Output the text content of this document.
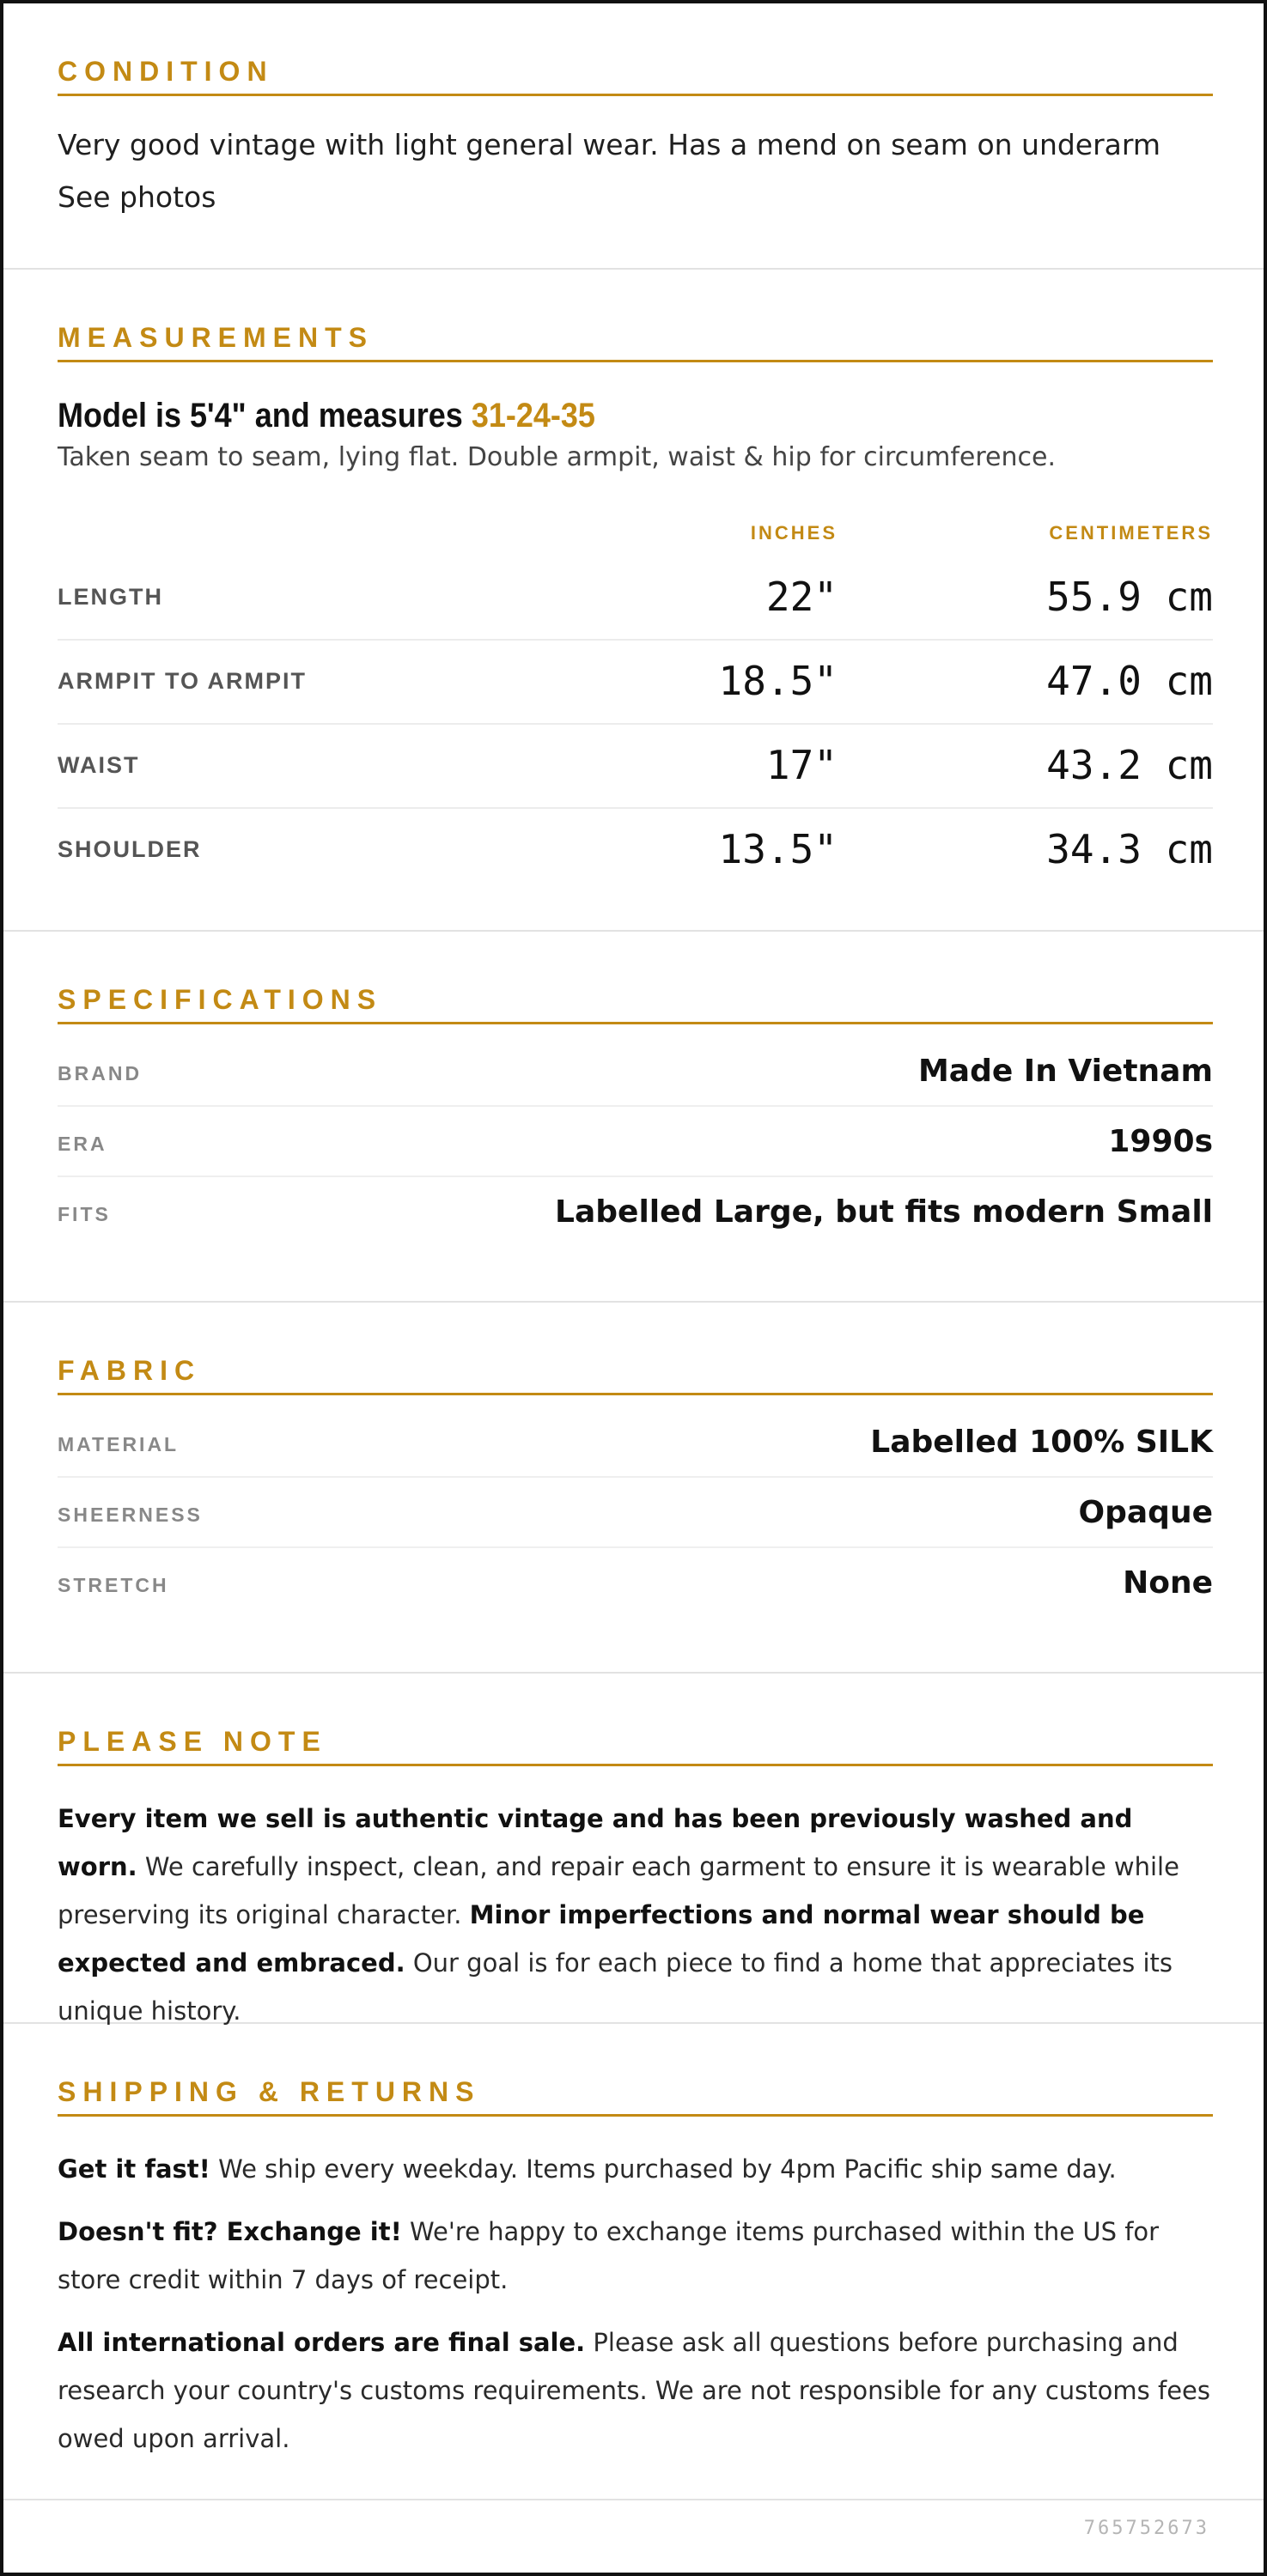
CONDITION
Very good vintage with light general wear. Has a mend on seam on underarm See photos
MEASUREMENTS
Model is 5'4" and measures 31-24-35
Taken seam to seam, lying flat. Double armpit, waist & hip for circumference.
INCHES	CENTIMETERS
LENGTH	22"	55.9 cm
ARMPIT TO ARMPIT	18.5"	47.0 cm
WAIST	17"	43.2 cm
SHOULDER	13.5"	34.3 cm
SPECIFICATIONS
BRAND	Made In Vietnam
ERA	1990s
FITS	Labelled Large, but fits modern Small
FABRIC
MATERIAL	Labelled 100% SILK
SHEERNESS	Opaque
STRETCH	None
PLEASE NOTE
Every item we sell is authentic vintage and has been previously washed and worn. We carefully inspect, clean, and repair each garment to ensure it is wearable while preserving its original character. Minor imperfections and normal wear should be expected and embraced. Our goal is for each piece to find a home that appreciates its unique history.
SHIPPING & RETURNS

Get it fast! We ship every weekday. Items purchased by 4pm Pacific ship same day.

Doesn't fit? Exchange it! We're happy to exchange items purchased within the US for store credit within 7 days of receipt.

All international orders are final sale. Please ask all questions before purchasing and research your country's customs requirements. We are not responsible for any customs fees owed upon arrival.

765752673
